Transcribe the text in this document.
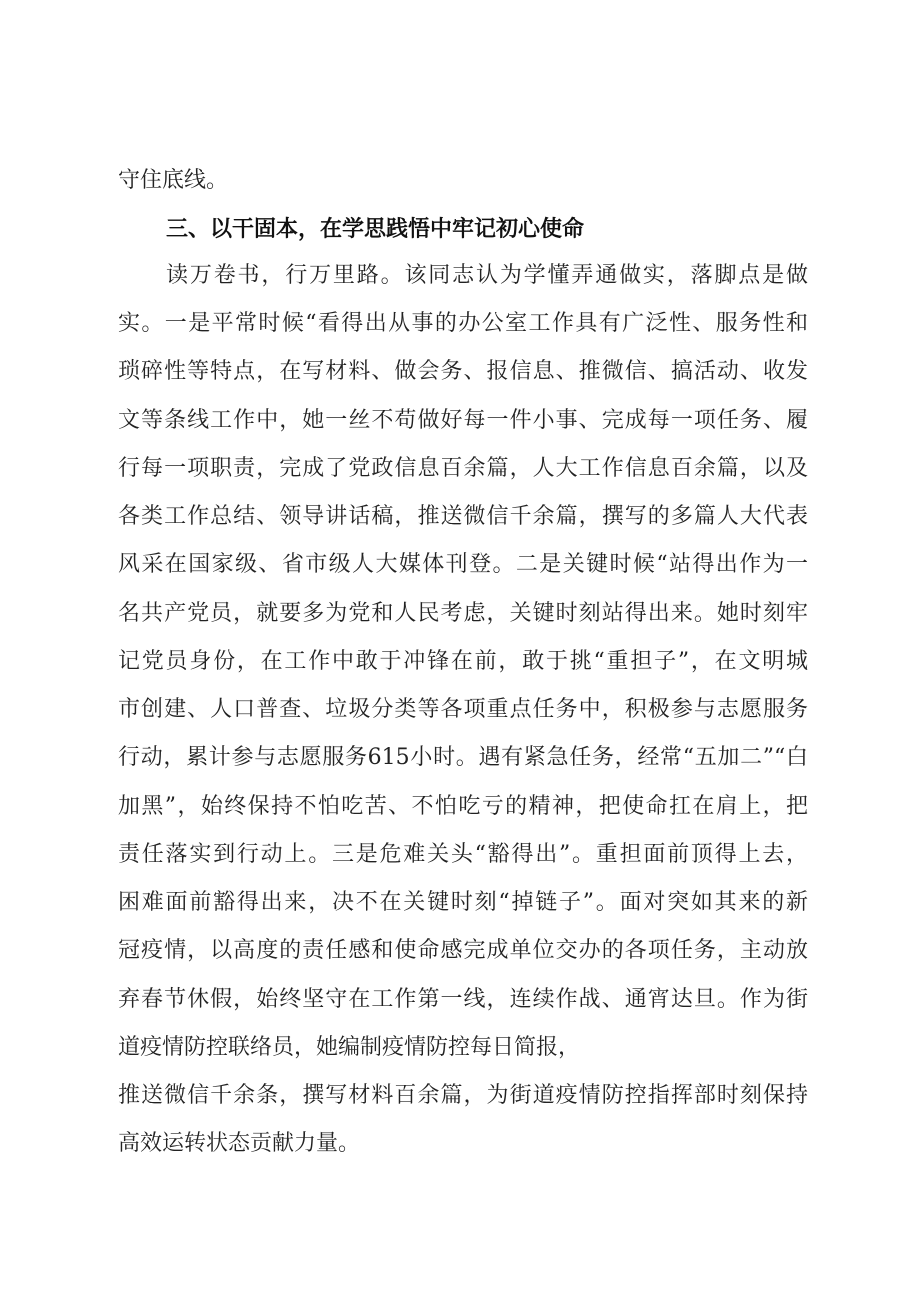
守住底线。
三、以干固本，在学思践悟中牢记初心使命
读万卷书，行万里路。该同志认为学懂弄通做实，落脚点是做
实。一是平常时候“看得出从事的办公室工作具有广泛性、服务性和
琐碎性等特点，在写材料、做会务、报信息、推微信、搞活动、收发
文等条线工作中，她一丝不苟做好每一件小事、完成每一项任务、履
行每一项职责，完成了党政信息百余篇，人大工作信息百余篇，以及
各类工作总结、领导讲话稿，推送微信千余篇，撰写的多篇人大代表
风采在国家级、省市级人大媒体刊登。二是关键时候“站得出作为一
名共产党员，就要多为党和人民考虑，关键时刻站得出来。她时刻牢
记党员身份，在工作中敢于冲锋在前，敢于挑“重担子”，在文明城
市创建、人口普查、垃圾分类等各项重点任务中，积极参与志愿服务
行动，累计参与志愿服务615小时。遇有紧急任务，经常“五加二”“白
加黑”，始终保持不怕吃苦、不怕吃亏的精神，把使命扛在肩上，把
责任落实到行动上。三是危难关头“豁得出”。重担面前顶得上去，
困难面前豁得出来，决不在关键时刻“掉链子”。面对突如其来的新
冠疫情，以高度的责任感和使命感完成单位交办的各项任务，主动放
弃春节休假，始终坚守在工作第一线，连续作战、通宵达旦。作为街
道疫情防控联络员，她编制疫情防控每日简报，
推送微信千余条，撰写材料百余篇，为街道疫情防控指挥部时刻保持
高效运转状态贡献力量。
